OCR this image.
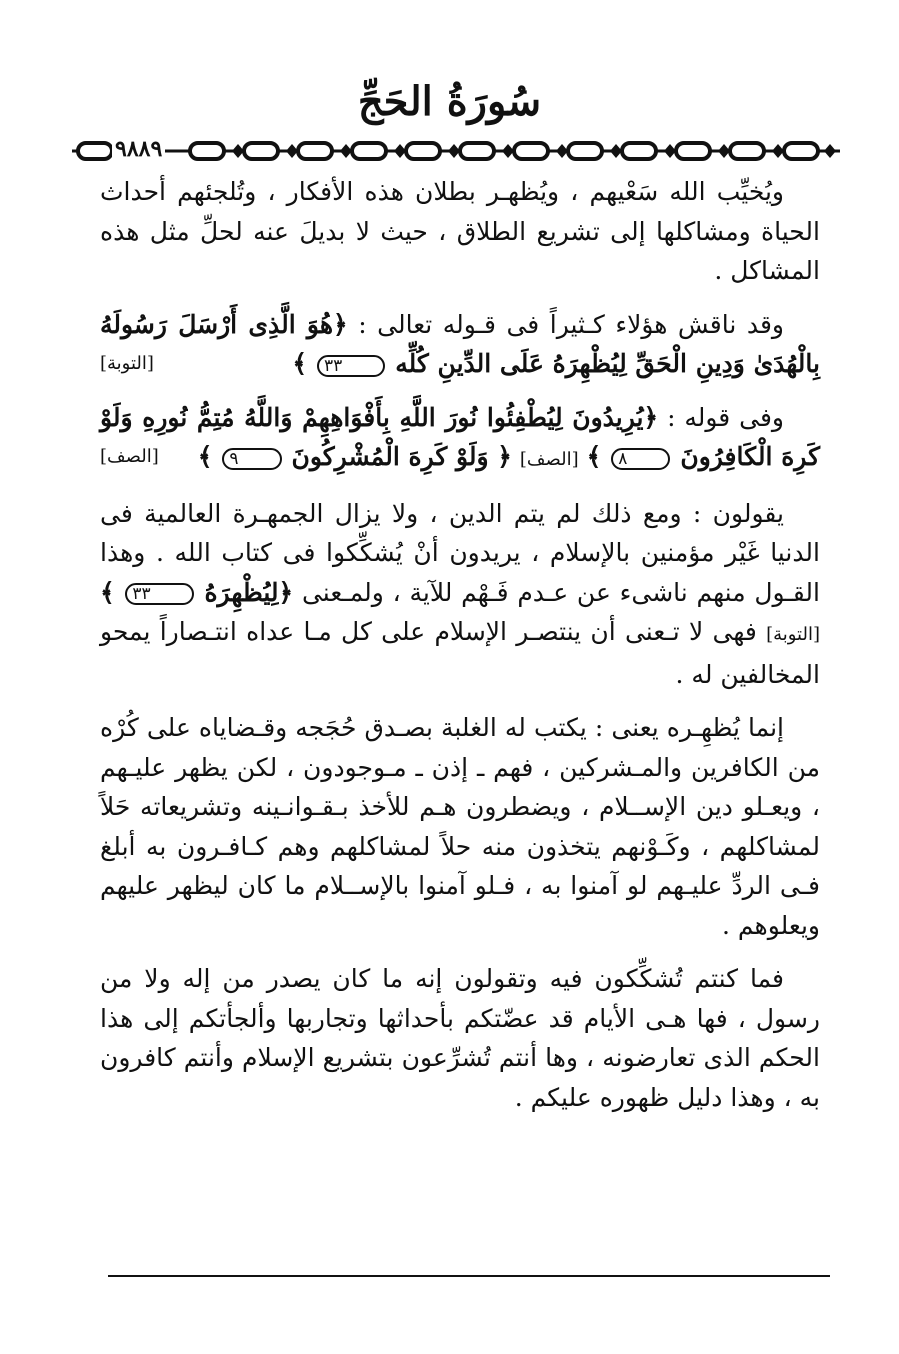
سُورَةُ الحَجِّ
٩٨٨٩

ويُخيِّب الله سَعْيهم ، ويُظهـر بطلان هذه الأفكار ، وتُلجئهم أحداث الحياة ومشاكلها إلى تشريع الطلاق ، حيث لا بديلَ عنه لحلِّ مثل هذه المشاكل .

وقد ناقش هؤلاء كـثيراً فى قـوله تعالى : ﴿هُوَ الَّذِى أَرْسَلَ رَسُولَهُ بِالْهُدَىٰ وَدِينِ الْحَقِّ لِيُظْهِرَهُ عَلَى الدِّينِ كُلِّه ٣٣ ﴾
[التوبة]

وفى قوله : ﴿يُرِيدُونَ لِيُطْفِئُوا نُورَ اللَّهِ بِأَفْوَاهِهِمْ وَاللَّهُ مُتِمُّ نُورِهِ وَلَوْ كَرِهَ الْكَافِرُونَ ٨ ﴾ [الصف] ﴿ وَلَوْ كَرِهَ الْمُشْرِكُونَ ٩ ﴾
[الصف]

يقولون : ومع ذلك لم يتم الدين ، ولا يزال الجمهـرة العالمية فى الدنيا غَيْر مؤمنين بالإسلام ، يريدون أنْ يُشكِّكوا فى كتاب الله . وهذا القـول منهم ناشىء عن عـدم فَـهْم للآية ، ولمـعنى ﴿لِيُظْهِرَهُ ٣٣ ﴾ [التوبة] فهى لا تـعنى أن ينتصـر الإسلام على كل مـا عداه انتـصاراً يمحو المخالفين له .

إنما يُظهِـره يعنى : يكتب له الغلبة بصـدق حُجَجه وقـضاياه على كُرْه من الكافرين والمـشركين ، فهم ـ إذن ـ مـوجودون ، لكن يظهر عليـهم ، ويعـلو دين الإســلام ، ويضطرون هـم للأخذ بـقـوانـينه وتشريعاته حَلاً لمشاكلهم ، وكَـوْنهم يتخذون منه حلاً لمشاكلهم وهم كـافـرون به أبلغ فـى الردِّ عليـهم لو آمنوا به ، فـلو آمنوا بالإســلام ما كان ليظهر عليهم ويعلوهم .

فما كنتم تُشكِّكون فيه وتقولون إنه ما كان يصدر من إله ولا من رسول ، فها هـى الأيام قد عضّتكم بأحداثها وتجاربها وألجأتكم إلى هذا الحكم الذى تعارضونه ، وها أنتم تُشرِّعون بتشريع الإسلام وأنتم كافرون به ، وهذا دليل ظهوره عليكم .
